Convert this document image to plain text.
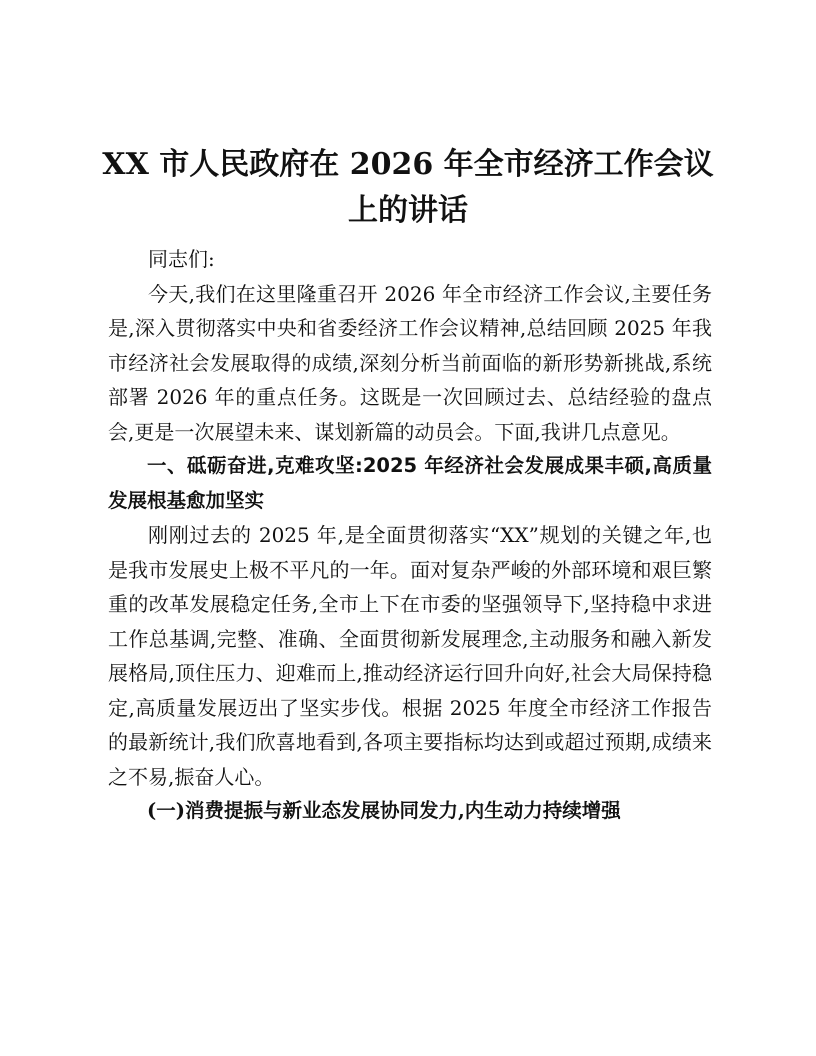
XX 市人民政府在 2026 年全市经济工作会议上的讲话

同志们:

今天,我们在这里隆重召开 2026 年全市经济工作会议,主要任务是,深入贯彻落实中央和省委经济工作会议精神,总结回顾 2025 年我市经济社会发展取得的成绩,深刻分析当前面临的新形势新挑战,系统部署 2026 年的重点任务。这既是一次回顾过去、总结经验的盘点会,更是一次展望未来、谋划新篇的动员会。下面,我讲几点意见。

一、砥砺奋进,克难攻坚:2025 年经济社会发展成果丰硕,高质量发展根基愈加坚实

刚刚过去的 2025 年,是全面贯彻落实“XX”规划的关键之年,也是我市发展史上极不平凡的一年。面对复杂严峻的外部环境和艰巨繁重的改革发展稳定任务,全市上下在市委的坚强领导下,坚持稳中求进工作总基调,完整、准确、全面贯彻新发展理念,主动服务和融入新发展格局,顶住压力、迎难而上,推动经济运行回升向好,社会大局保持稳定,高质量发展迈出了坚实步伐。根据 2025 年度全市经济工作报告的最新统计,我们欣喜地看到,各项主要指标均达到或超过预期,成绩来之不易,振奋人心。

(一)消费提振与新业态发展协同发力,内生动力持续增强
